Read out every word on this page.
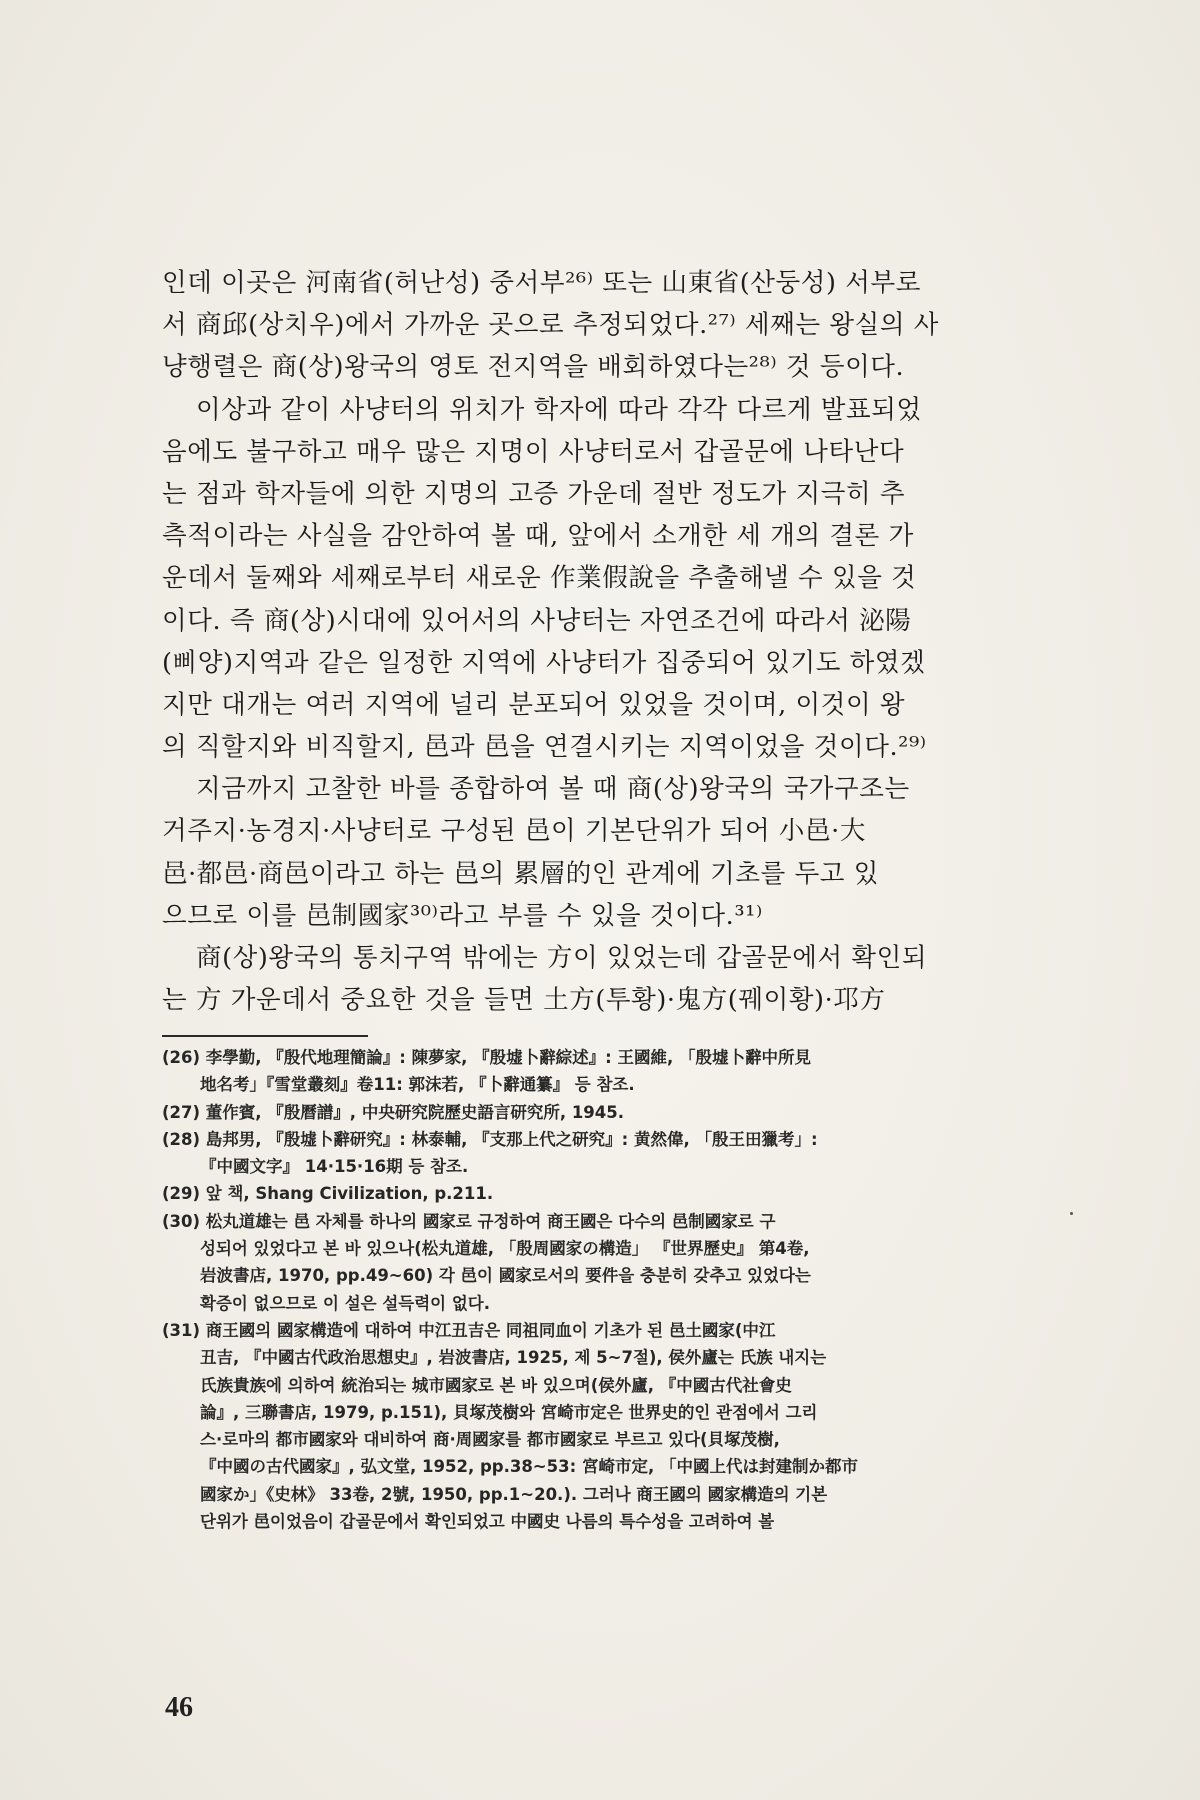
인데 이곳은 河南省(허난성) 중서부²⁶⁾ 또는 山東省(산둥성) 서부로
서 商邱(상치우)에서 가까운 곳으로 추정되었다.²⁷⁾ 세째는 왕실의 사
냥행렬은 商(상)왕국의 영토 전지역을 배회하였다는²⁸⁾ 것 등이다.
이상과 같이 사냥터의 위치가 학자에 따라 각각 다르게 발표되었
음에도 불구하고 매우 많은 지명이 사냥터로서 갑골문에 나타난다
는 점과 학자들에 의한 지명의 고증 가운데 절반 정도가 지극히 추
측적이라는 사실을 감안하여 볼 때, 앞에서 소개한 세 개의 결론 가
운데서 둘째와 세째로부터 새로운 作業假說을 추출해낼 수 있을 것
이다. 즉 商(상)시대에 있어서의 사냥터는 자연조건에 따라서 泌陽
(삐양)지역과 같은 일정한 지역에 사냥터가 집중되어 있기도 하였겠
지만 대개는 여러 지역에 널리 분포되어 있었을 것이며, 이것이 왕
의 직할지와 비직할지, 邑과 邑을 연결시키는 지역이었을 것이다.²⁹⁾
지금까지 고찰한 바를 종합하여 볼 때 商(상)왕국의 국가구조는
거주지·농경지·사냥터로 구성된 邑이 기본단위가 되어 小邑·大
邑·都邑·商邑이라고 하는 邑의 累層的인 관계에 기초를 두고 있
으므로 이를 邑制國家³⁰⁾라고 부를 수 있을 것이다.³¹⁾
商(상)왕국의 통치구역 밖에는 方이 있었는데 갑골문에서 확인되
는 方 가운데서 중요한 것을 들면 土方(투황)·鬼方(꿰이황)·邛方
(26) 李學勤, 『殷代地理簡論』: 陳夢家, 『殷墟卜辭綜述』: 王國維, 「殷墟卜辭中所見
地名考」『雪堂叢刻』卷11: 郭沫若, 『卜辭通纂』 등 참조.
(27) 董作賓, 『殷曆譜』, 中央研究院歷史語言研究所, 1945.
(28) 島邦男, 『殷墟卜辭研究』: 林泰輔, 『支那上代之研究』: 黄然偉, 「殷王田獵考」:
『中國文字』 14·15·16期 등 참조.
(29) 앞 책, Shang Civilization, p.211.
(30) 松丸道雄는 邑 자체를 하나의 國家로 규정하여 商王國은 다수의 邑制國家로 구
성되어 있었다고 본 바 있으나(松丸道雄, 「殷周國家の構造」 『世界歷史』 第4卷,
岩波書店, 1970, pp.49~60) 각 邑이 國家로서의 要件을 충분히 갖추고 있었다는
확증이 없으므로 이 설은 설득력이 없다.
(31) 商王國의 國家構造에 대하여 中江丑吉은 同祖同血이 기초가 된 邑土國家(中江
丑吉, 『中國古代政治思想史』, 岩波書店, 1925, 제 5~7절), 侯外廬는 氏族 내지는
氏族貴族에 의하여 統治되는 城市國家로 본 바 있으며(侯外廬, 『中國古代社會史
論』, 三聯書店, 1979, p.151), 貝塚茂樹와 宮崎市定은 世界史的인 관점에서 그리
스·로마의 都市國家와 대비하여 商·周國家를 都市國家로 부르고 있다(貝塚茂樹,
『中國の古代國家』, 弘文堂, 1952, pp.38~53: 宮崎市定, 「中國上代は封建制か都市
國家か」《史林》 33卷, 2號, 1950, pp.1~20.). 그러나 商王國의 國家構造의 기본
단위가 邑이었음이 갑골문에서 확인되었고 中國史 나름의 특수성을 고려하여 볼
46
